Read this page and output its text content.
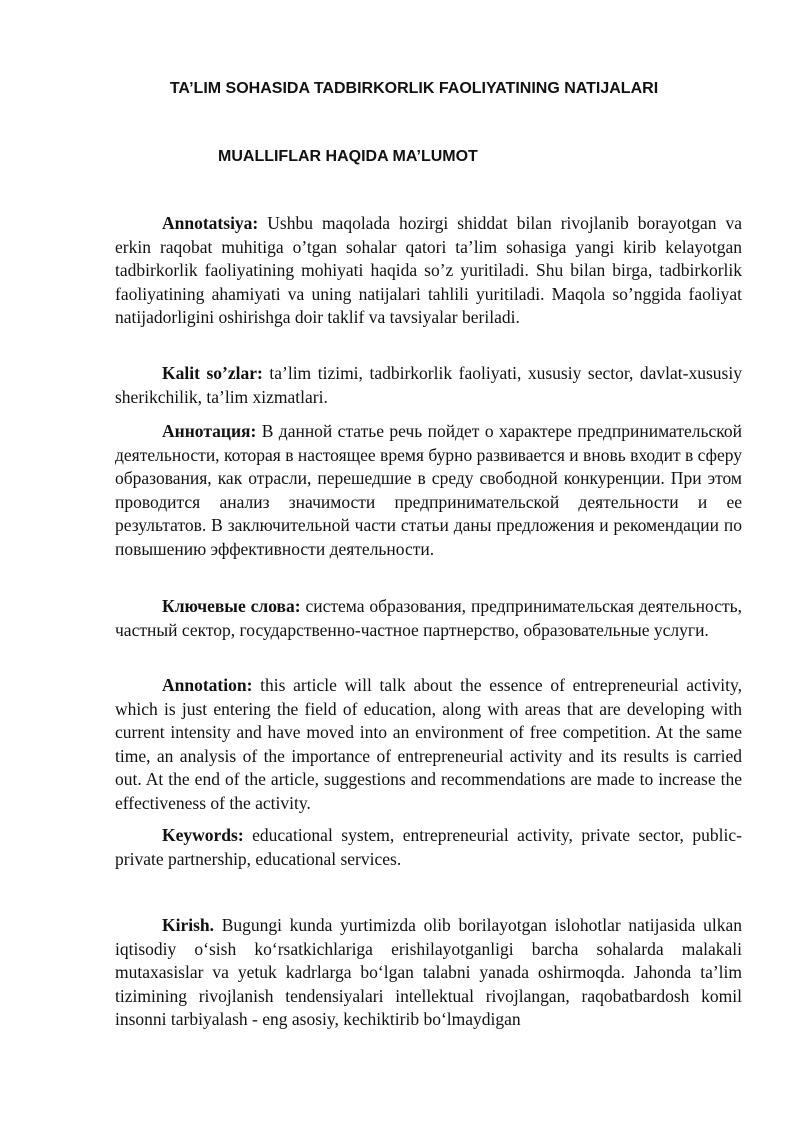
TA’LIM SOHASIDA TADBIRKORLIK FAOLIYATINING NATIJALARI
MUALLIFLAR HAQIDA MA’LUMOT

Annotatsiya: Ushbu maqolada hozirgi shiddat bilan rivojlanib borayotgan va erkin raqobat muhitiga o’tgan sohalar qatori ta’lim sohasiga yangi kirib kelayotgan tadbirkorlik faoliyatining mohiyati haqida so’z yuritiladi. Shu bilan birga, tadbirkorlik faoliyatining ahamiyati va uning natijalari tahlili yuritiladi. Maqola so’nggida faoliyat natijadorligini oshirishga doir taklif va tavsiyalar beriladi.

Kalit so’zlar: ta’lim tizimi, tadbirkorlik faoliyati, xususiy sector, davlat-xususiy sherikchilik, ta’lim xizmatlari.

Аннотация: В данной статье речь пойдет о характере предпринимательской деятельности, которая в настоящее время бурно развивается и вновь входит в сферу образования, как отрасли, перешедшие в среду свободной конкуренции. При этом проводится анализ значимости предпринимательской деятельности и ее результатов. В заключительной части статьи даны предложения и рекомендации по повышению эффективности деятельности.

Ключевые слова: система образования, предпринимательская деятельность, частный сектор, государственно-частное партнерство, образовательные услуги.

Annotation: this article will talk about the essence of entrepreneurial activity, which is just entering the field of education, along with areas that are developing with current intensity and have moved into an environment of free competition. At the same time, an analysis of the importance of entrepreneurial activity and its results is carried out. At the end of the article, suggestions and recommendations are made to increase the effectiveness of the activity.

Keywords: educational system, entrepreneurial activity, private sector, public-private partnership, educational services.

Kirish. Bugungi kunda yurtimizda olib borilayotgan islohotlar natijasida ulkan iqtisodiy o‘sish ko‘rsatkichlariga erishilayotganligi barcha sohalarda malakali mutaxasislar va yetuk kadrlarga bo‘lgan talabni yanada oshirmoqda. Jahonda ta’lim tizimining rivojlanish tendensiyalari intellektual rivojlangan, raqobatbardosh komil insonni tarbiyalash - eng asosiy, kechiktirib bo‘lmaydigan
